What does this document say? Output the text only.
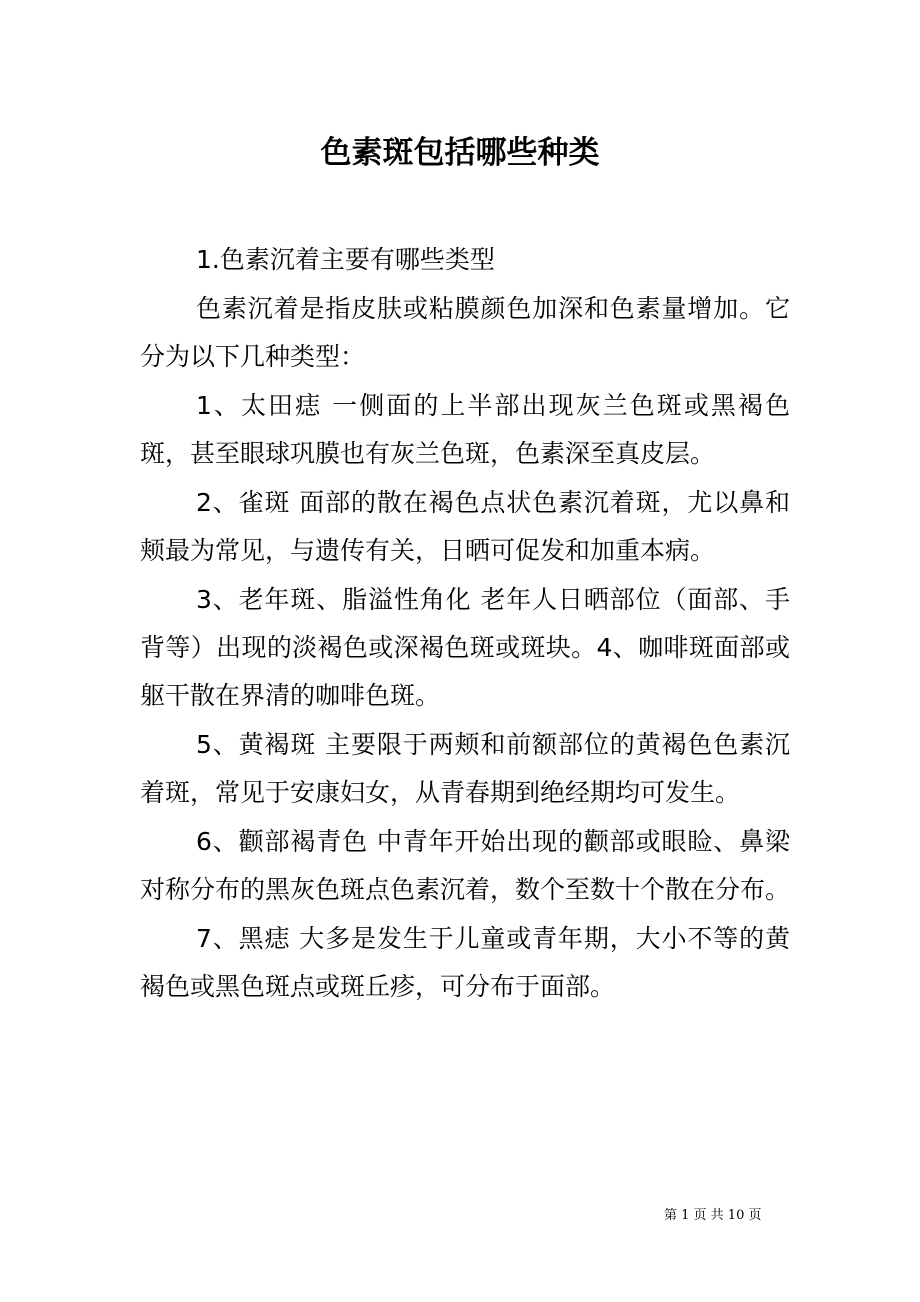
色素斑包括哪些种类

1.色素沉着主要有哪些类型

色素沉着是指皮肤或粘膜颜色加深和色素量增加。它分为以下几种类型：

1、太田痣 一侧面的上半部出现灰兰色斑或黑褐色斑，甚至眼球巩膜也有灰兰色斑，色素深至真皮层。

2、雀斑 面部的散在褐色点状色素沉着斑，尤以鼻和颊最为常见，与遗传有关，日晒可促发和加重本病。

3、老年斑、脂溢性角化 老年人日晒部位（面部、手背等）出现的淡褐色或深褐色斑或斑块。4、咖啡斑面部或躯干散在界清的咖啡色斑。

5、黄褐斑 主要限于两颊和前额部位的黄褐色色素沉着斑，常见于安康妇女，从青春期到绝经期均可发生。

6、颧部褐青色 中青年开始出现的颧部或眼睑、鼻梁对称分布的黑灰色斑点色素沉着，数个至数十个散在分布。

7、黑痣 大多是发生于儿童或青年期，大小不等的黄褐色或黑色斑点或斑丘疹，可分布于面部。

第 1 页 共 10 页
